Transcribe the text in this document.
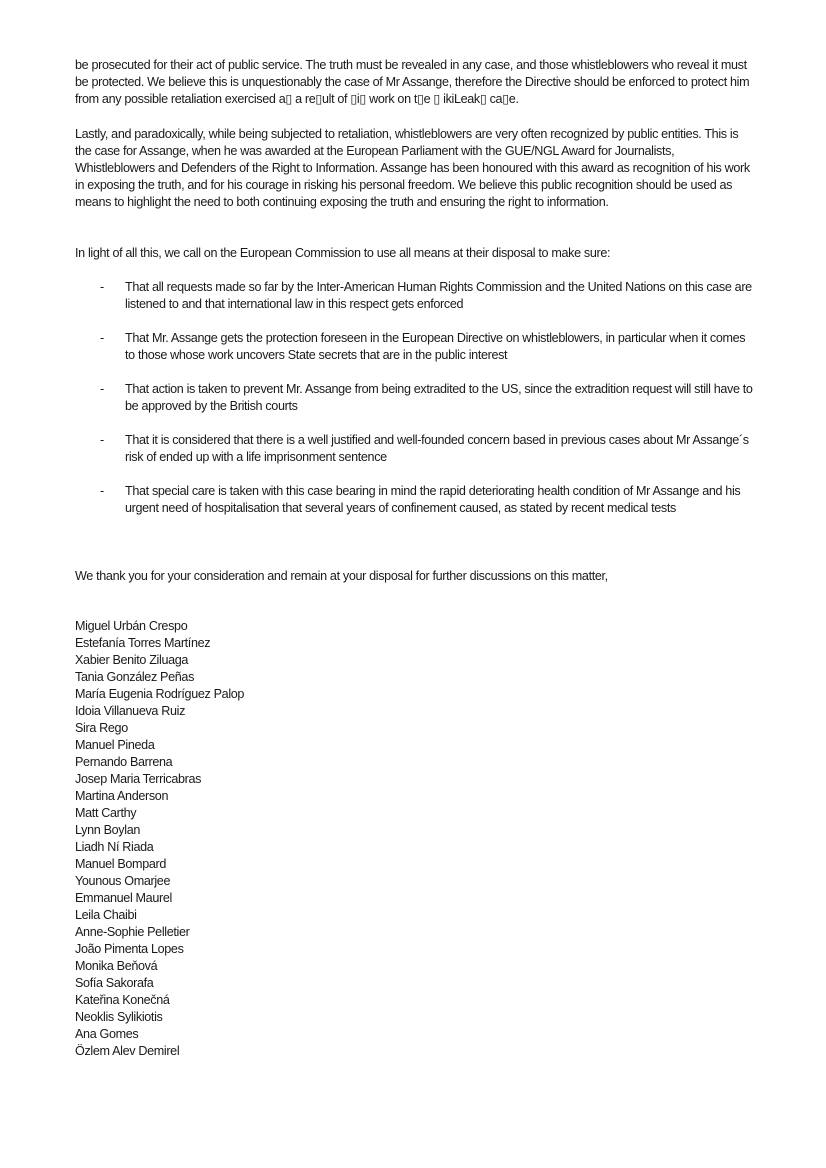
be prosecuted for their act of public service. The truth must be revealed in any case, and those whistleblowers who reveal it must be protected. We believe this is unquestionably the case of Mr Assange, therefore the Directive should be enforced to protect him from any possible retaliation exercised a▯ a re▯ult of ▯i▯ work on t▯e ▯ ikiLeak▯ ca▯e.

Lastly, and paradoxically, while being subjected to retaliation, whistleblowers are very often recognized by public entities. This is the case for Assange, when he was awarded at the European Parliament with the GUE/NGL Award for Journalists, Whistleblowers and Defenders of the Right to Information. Assange has been honoured with this award as recognition of his work in exposing the truth, and for his courage in risking his personal freedom. We believe this public recognition should be used as means to highlight the need to both continuing exposing the truth and ensuring the right to information.

In light of all this, we call on the European Commission to use all means at their disposal to make sure:

- That all requests made so far by the Inter-American Human Rights Commission and the United Nations on this case are listened to and that international law in this respect gets enforced
- That Mr. Assange gets the protection foreseen in the European Directive on whistleblowers, in particular when it comes to those whose work uncovers State secrets that are in the public interest
- That action is taken to prevent Mr. Assange from being extradited to the US, since the extradition request will still have to be approved by the British courts
- That it is considered that there is a well justified and well-founded concern based in previous cases about Mr Assange´s risk of ended up with a life imprisonment sentence
- That special care is taken with this case bearing in mind the rapid deteriorating health condition of Mr Assange and his urgent need of hospitalisation that several years of confinement caused, as stated by recent medical tests

We thank you for your consideration and remain at your disposal for further discussions on this matter,

Miguel Urbán Crespo
Estefanía Torres Martínez
Xabier Benito Ziluaga
Tania González Peñas
María Eugenia Rodríguez Palop
Idoia Villanueva Ruiz
Sira Rego
Manuel Pineda
Pernando Barrena
Josep Maria Terricabras
Martina Anderson
Matt Carthy
Lynn Boylan
Liadh Ní Riada
Manuel Bompard
Younous Omarjee
Emmanuel Maurel
Leila Chaibi
Anne-Sophie Pelletier
João Pimenta Lopes
Monika Beňová
Sofía Sakorafa
Kateřina Konečná
Neoklis Sylikiotis
Ana Gomes
Özlem Alev Demirel
